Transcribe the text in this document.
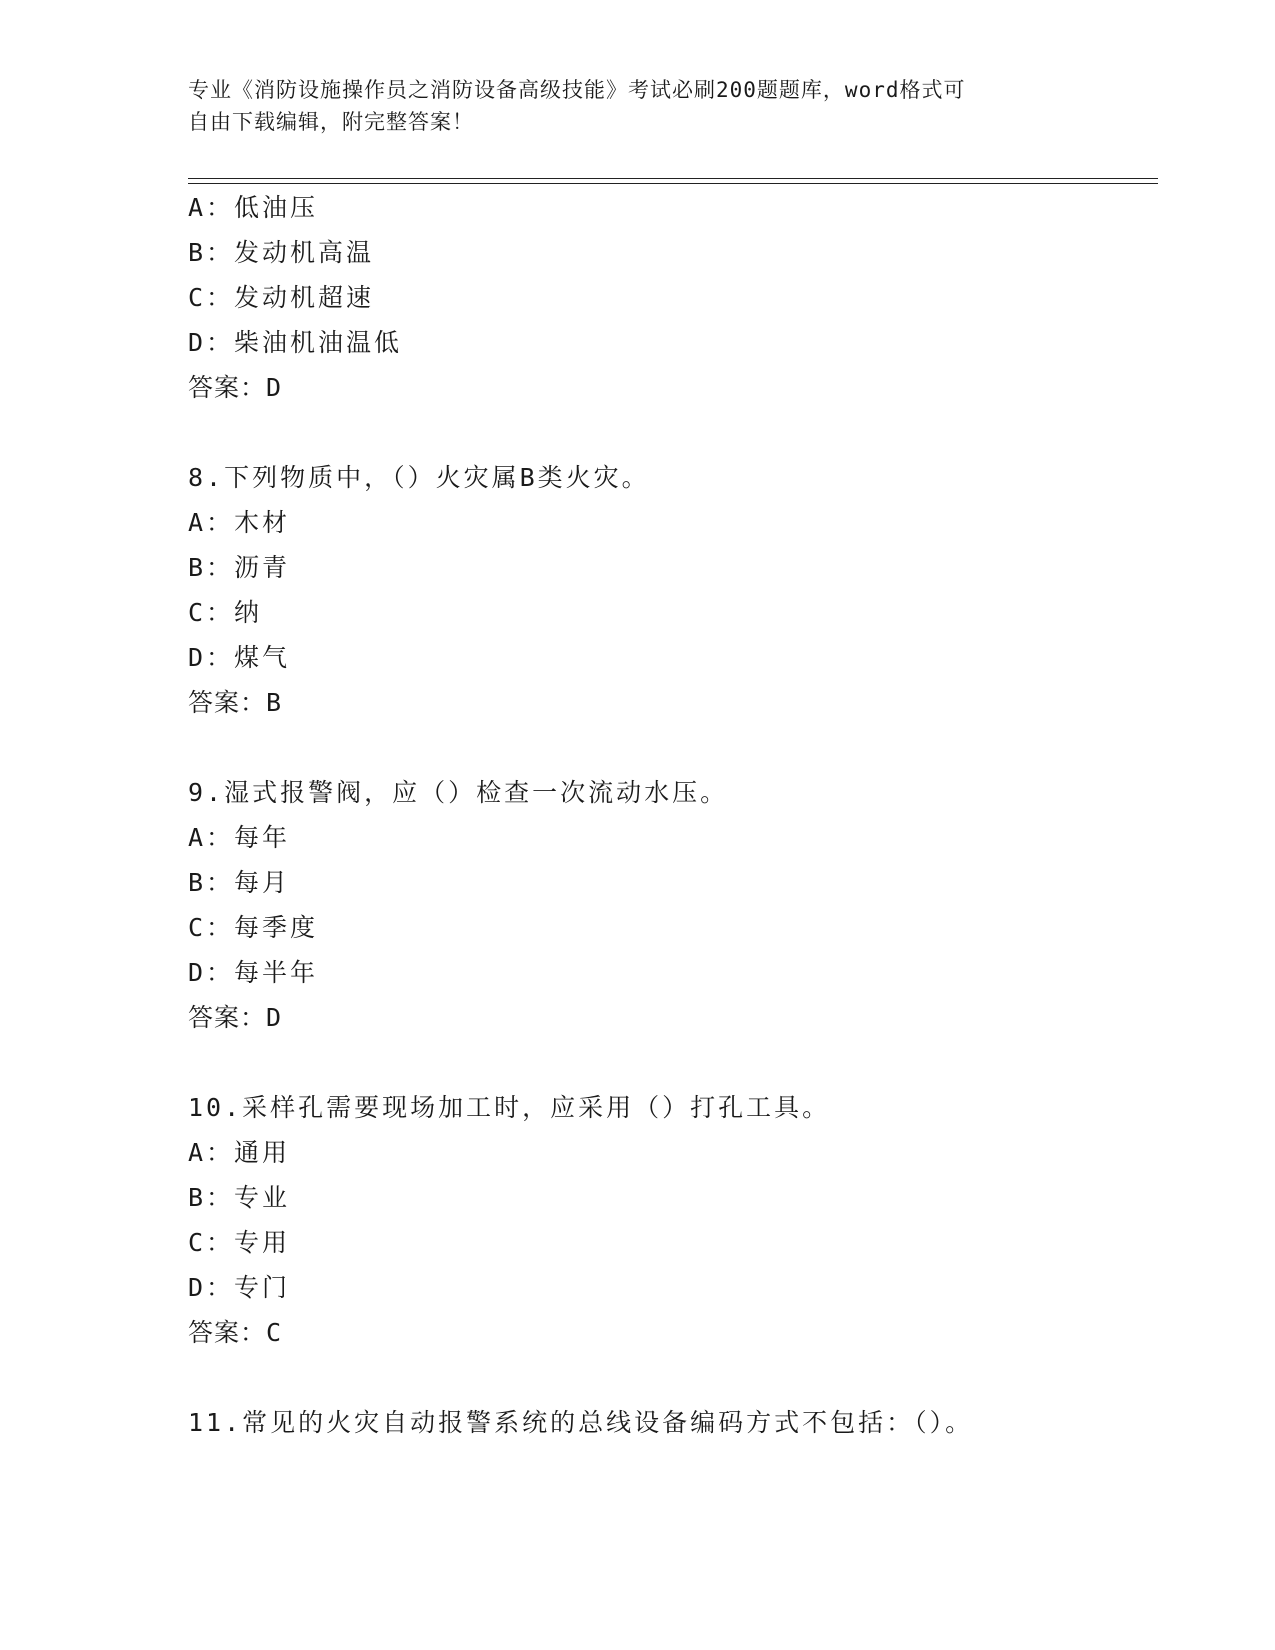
专业《消防设施操作员之消防设备高级技能》考试必刷200题题库，word格式可
自由下载编辑，附完整答案！
A：低油压
B：发动机高温
C：发动机超速
D：柴油机油温低
答案：D
8.下列物质中，（）火灾属B类火灾。
A：木材
B：沥青
C：纳
D：煤气
答案：B
9.湿式报警阀，应（）检查一次流动水压。
A：每年
B：每月
C：每季度
D：每半年
答案：D
10.采样孔需要现场加工时，应采用（）打孔工具。
A：通用
B：专业
C：专用
D：专门
答案：C
11.常见的火灾自动报警系统的总线设备编码方式不包括：（）。
